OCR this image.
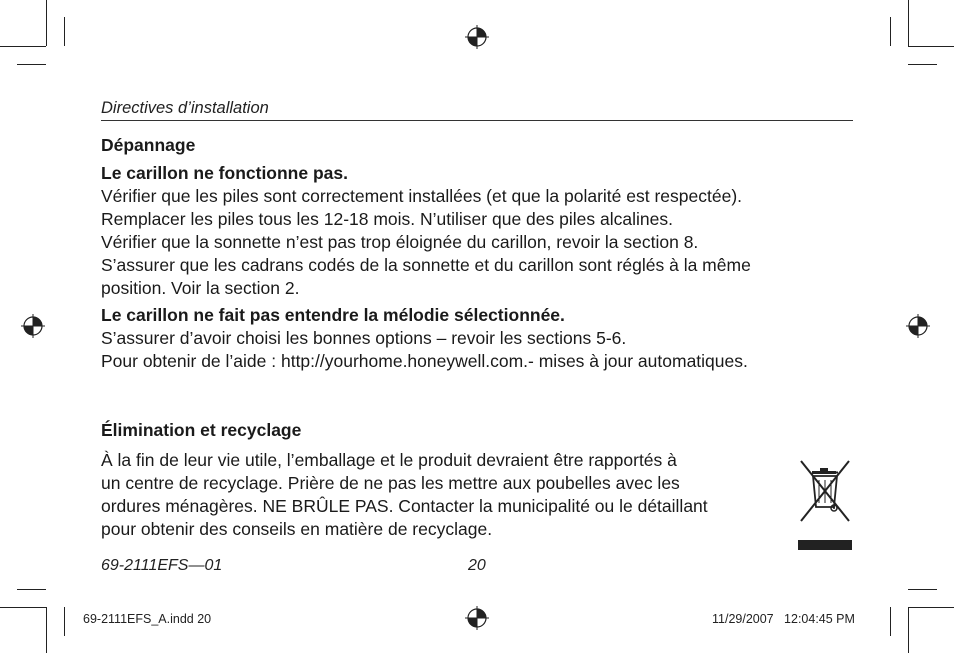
Directives d’installation
Dépannage
Le carillon ne fonctionne pas.
Vérifier que les piles sont correctement installées (et que la polarité est respectée).
Remplacer les piles tous les 12-18 mois. N’utiliser que des piles alcalines.
Vérifier que la sonnette n’est pas trop éloignée du carillon, revoir la section 8.
S’assurer que les cadrans codés de la sonnette et du carillon sont réglés à la même
position. Voir la section 2.
Le carillon ne fait pas entendre la mélodie sélectionnée.
S’assurer d’avoir choisi les bonnes options – revoir les sections 5-6.
Pour obtenir de l’aide : http://yourhome.honeywell.com.- mises à jour automatiques.
Élimination et recyclage
À la fin de leur vie utile, l’emballage et le produit devraient être rapportés à
un centre de recyclage. Prière de ne pas les mettre aux poubelles avec les
ordures ménagères. NE BRÛLE PAS. Contacter la municipalité ou le détaillant
pour obtenir des conseils en matière de recyclage.
69-2111EFS—01	20
69-2111EFS_A.indd 20	11/29/2007   12:04:45 PM
